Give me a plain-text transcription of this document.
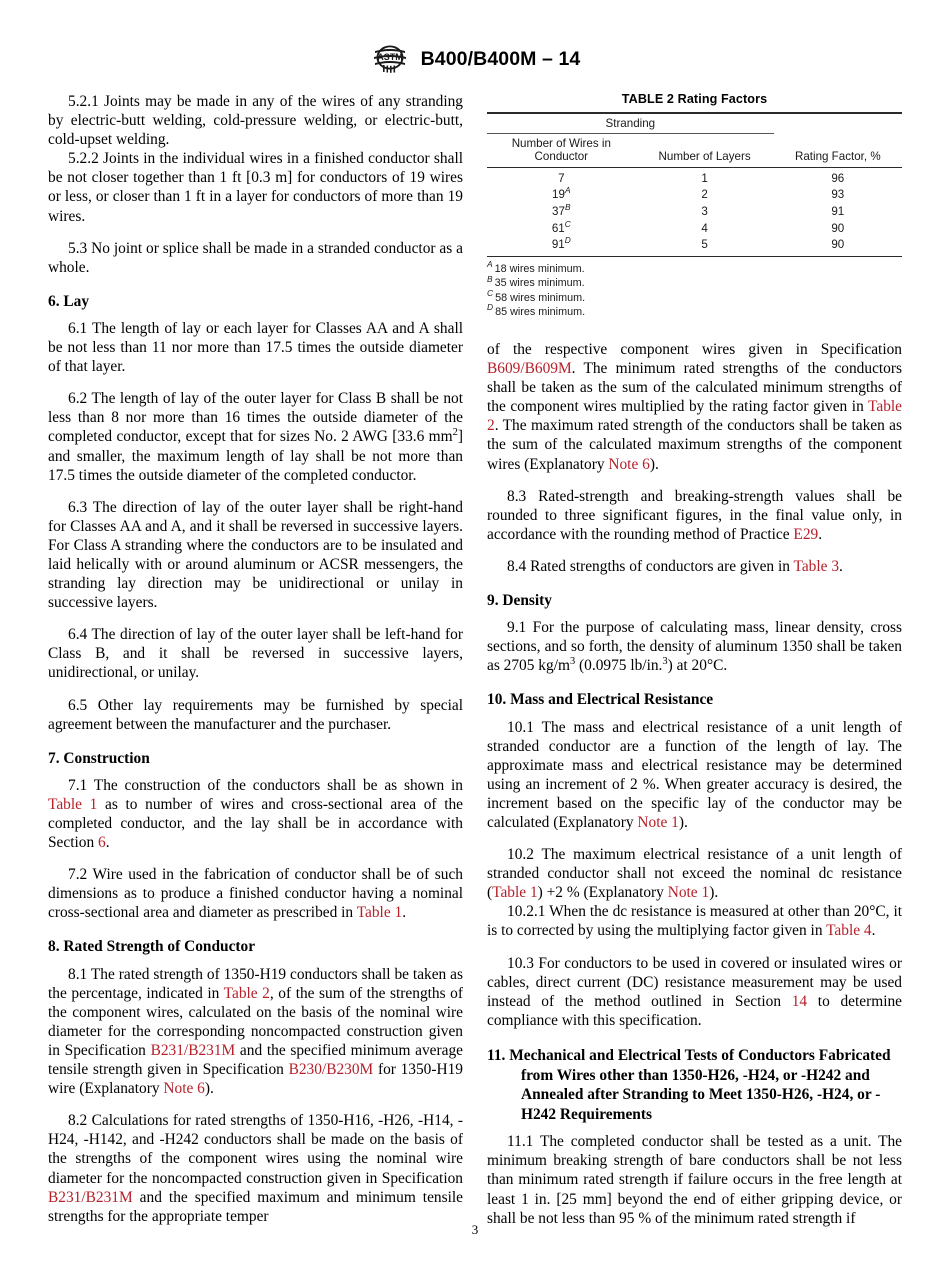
ASTM B400/B400M – 14

5.2.1 Joints may be made in any of the wires of any stranding by electric-butt welding, cold-pressure welding, or electric-butt, cold-upset welding.

5.2.2 Joints in the individual wires in a finished conductor shall be not closer together than 1 ft [0.3 m] for conductors of 19 wires or less, or closer than 1 ft in a layer for conductors of more than 19 wires.

5.3 No joint or splice shall be made in a stranded conductor as a whole.

6. Lay

6.1 The length of lay or each layer for Classes AA and A shall be not less than 11 nor more than 17.5 times the outside diameter of that layer.

6.2 The length of lay of the outer layer for Class B shall be not less than 8 nor more than 16 times the outside diameter of the completed conductor, except that for sizes No. 2 AWG [33.6 $mm^2$] and smaller, the maximum length of lay shall be not more than 17.5 times the outside diameter of the completed conductor.

6.3 The direction of lay of the outer layer shall be right-hand for Classes AA and A, and it shall be reversed in successive layers. For Class A stranding where the conductors are to be insulated and laid helically with or around aluminum or ACSR messengers, the stranding lay direction may be unidirectional or unilay in successive layers.

6.4 The direction of lay of the outer layer shall be left-hand for Class B, and it shall be reversed in successive layers, unidirectional, or unilay.

6.5 Other lay requirements may be furnished by special agreement between the manufacturer and the purchaser.

7. Construction

7.1 The construction of the conductors shall be as shown in Table 1 as to number of wires and cross-sectional area of the completed conductor, and the lay shall be in accordance with Section 6.

7.2 Wire used in the fabrication of conductor shall be of such dimensions as to produce a finished conductor having a nominal cross-sectional area and diameter as prescribed in Table 1.

8. Rated Strength of Conductor

8.1 The rated strength of 1350-H19 conductors shall be taken as the percentage, indicated in Table 2, of the sum of the strengths of the component wires, calculated on the basis of the nominal wire diameter for the corresponding noncompacted construction given in Specification B231/B231M and the specified minimum average tensile strength given in Specification B230/B230M for 1350-H19 wire (Explanatory Note 6).

8.2 Calculations for rated strengths of 1350-H16, -H26, -H14, -H24, -H142, and -H242 conductors shall be made on the basis of the strengths of the component wires using the nominal wire diameter for the noncompacted construction given in Specification B231/B231M and the specified maximum and minimum tensile strengths for the appropriate temper

TABLE 2 Rating Factors
Stranding		
Number of Wires in
Conductor	Number of Layers	Rating Factor, %
7	1	96
19$^A$	2	93
37$^B$	3	91
61$^C$	4	90
91$^D$	5	90
$^A$ 18 wires minimum.
$^B$ 35 wires minimum.
$^C$ 58 wires minimum.
$^D$ 85 wires minimum.

of the respective component wires given in Specification B609/B609M. The minimum rated strengths of the conductors shall be taken as the sum of the calculated minimum strengths of the component wires multiplied by the rating factor given in Table 2. The maximum rated strength of the conductors shall be taken as the sum of the calculated maximum strengths of the component wires (Explanatory Note 6).

8.3 Rated-strength and breaking-strength values shall be rounded to three significant figures, in the final value only, in accordance with the rounding method of Practice E29.

8.4 Rated strengths of conductors are given in Table 3.

9. Density

9.1 For the purpose of calculating mass, linear density, cross sections, and so forth, the density of aluminum 1350 shall be taken as 2705 $kg/m^3$ (0.0975 lb/in.$^3$) at 20°C.

10. Mass and Electrical Resistance

10.1 The mass and electrical resistance of a unit length of stranded conductor are a function of the length of lay. The approximate mass and electrical resistance may be determined using an increment of 2 %. When greater accuracy is desired, the increment based on the specific lay of the conductor may be calculated (Explanatory Note 1).

10.2 The maximum electrical resistance of a unit length of stranded conductor shall not exceed the nominal dc resistance (Table 1) +2 % (Explanatory Note 1).

10.2.1 When the dc resistance is measured at other than 20°C, it is to corrected by using the multiplying factor given in Table 4.

10.3 For conductors to be used in covered or insulated wires or cables, direct current (DC) resistance measurement may be used instead of the method outlined in Section 14 to determine compliance with this specification.

11. Mechanical and Electrical Tests of Conductors Fabricated from Wires other than 1350-H26, -H24, or -H242 and Annealed after Stranding to Meet 1350-H26, -H24, or -H242 Requirements

11.1 The completed conductor shall be tested as a unit. The minimum breaking strength of bare conductors shall be not less than minimum rated strength if failure occurs in the free length at least 1 in. [25 mm] beyond the end of either gripping device, or shall be not less than 95 % of the minimum rated strength if

3
